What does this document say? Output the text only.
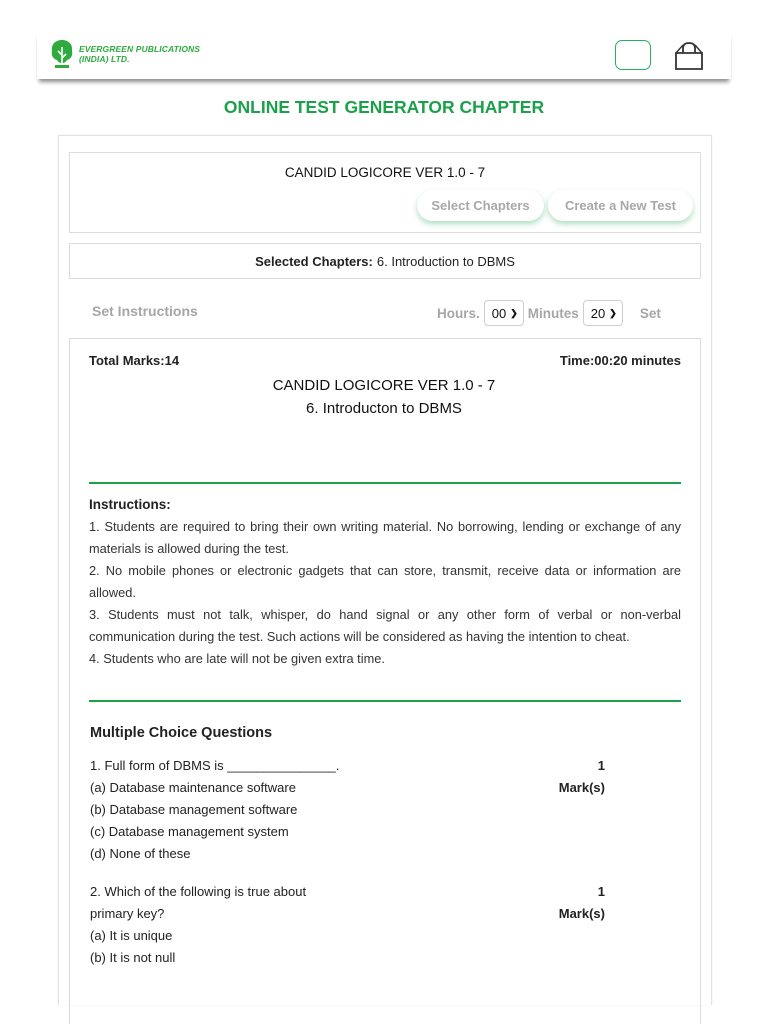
EVERGREEN PUBLICATIONS
(INDIA) LTD.
ONLINE TEST GENERATOR CHAPTER
CANDID LOGICORE VER 1.0 - 7
Select Chapters	Create a New Test
Selected Chapters: 6. Introduction to DBMS
Set Instructions	Hours. 00 ❯ Minutes 20 ❯ Set
Total Marks:14	Time:00:20 minutes
CANDID LOGICORE VER 1.0 - 7
6. Introducton to DBMS
Instructions:

1. Students are required to bring their own writing material. No borrowing, lending or exchange of any materials is allowed during the test.

2. No mobile phones or electronic gadgets that can store, transmit, receive data or information are allowed.

3. Students must not talk, whisper, do hand signal or any other form of verbal or non-verbal communication during the test. Such actions will be considered as having the intention to cheat.

4. Students who are late will not be given extra time.

Multiple Choice Questions
1. Full form of DBMS is _______________.
(a) Database maintenance software
(b) Database management software
(c) Database management system
(d) None of these
1
Mark(s)
2. Which of the following is true about
primary key?
(a) It is unique
(b) It is not null
1
Mark(s)
